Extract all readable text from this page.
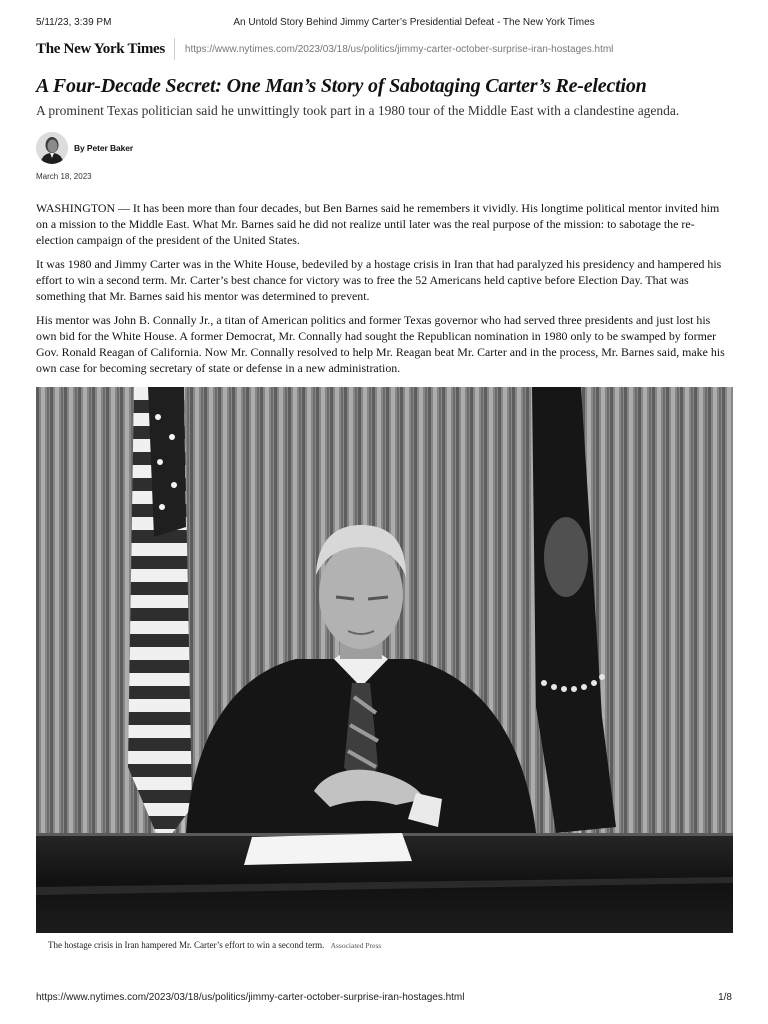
5/11/23, 3:39 PM	An Untold Story Behind Jimmy Carter’s Presidential Defeat - The New York Times
The New York Times https://www.nytimes.com/2023/03/18/us/politics/jimmy-carter-october-surprise-iran-hostages.html
A Four-Decade Secret: One Man’s Story of Sabotaging Carter’s Re-election

A prominent Texas politician said he unwittingly took part in a 1980 tour of the Middle East with a clandestine agenda.

By Peter Baker
March 18, 2023

WASHINGTON — It has been more than four decades, but Ben Barnes said he remembers it vividly. His longtime political mentor invited him on a mission to the Middle East. What Mr. Barnes said he did not realize until later was the real purpose of the mission: to sabotage the re-election campaign of the president of the United States.

It was 1980 and Jimmy Carter was in the White House, bedeviled by a hostage crisis in Iran that had paralyzed his presidency and hampered his effort to win a second term. Mr. Carter’s best chance for victory was to free the 52 Americans held captive before Election Day. That was something that Mr. Barnes said his mentor was determined to prevent.

His mentor was John B. Connally Jr., a titan of American politics and former Texas governor who had served three presidents and just lost his own bid for the White House. A former Democrat, Mr. Connally had sought the Republican nomination in 1980 only to be swamped by former Gov. Ronald Reagan of California. Now Mr. Connally resolved to help Mr. Reagan beat Mr. Carter and in the process, Mr. Barnes said, make his own case for becoming secretary of state or defense in a new administration.

The hostage crisis in Iran hampered Mr. Carter’s effort to win a second term. Associated Press
https://www.nytimes.com/2023/03/18/us/politics/jimmy-carter-october-surprise-iran-hostages.html	1/8
